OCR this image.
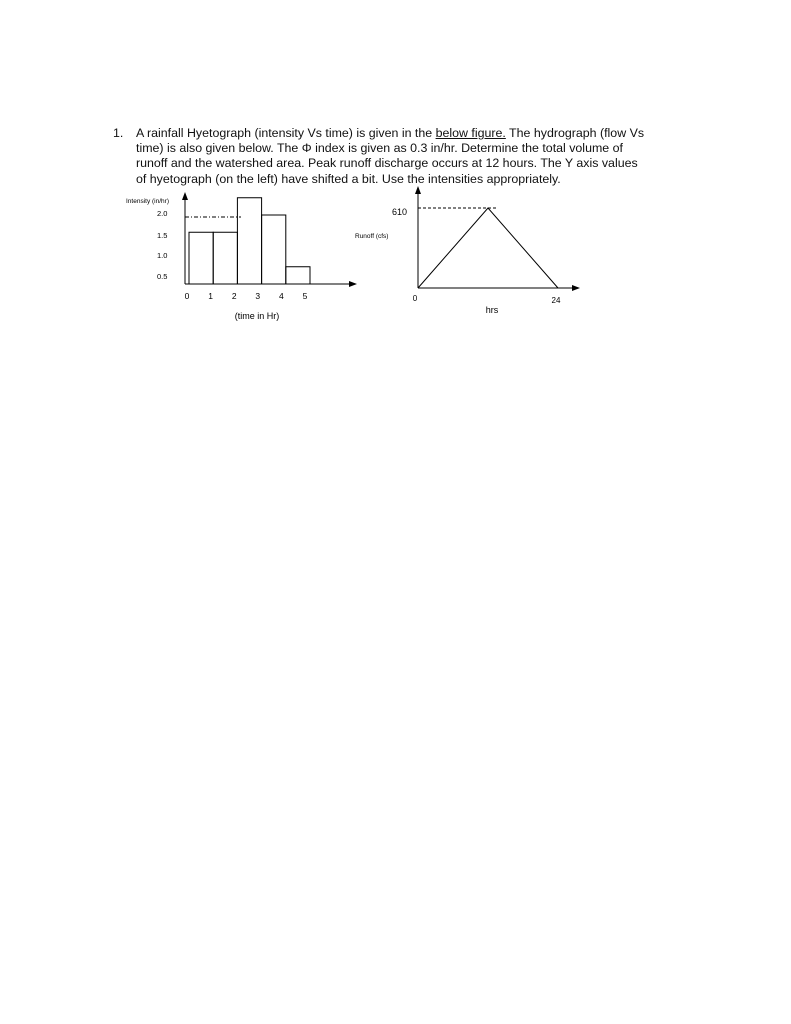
1. A rainfall Hyetograph (intensity Vs time) is given in the below figure. The hydrograph (flow Vs
time) is also given below. The Φ index is given as 0.3 in/hr. Determine the total volume of
runoff and the watershed area. Peak runoff discharge occurs at 12 hours. The Y axis values
of hyetograph (on the left) have shifted a bit. Use the intensities appropriately.
Intensity (in/hr)
2.0
1.5
1.0
0.5
0 1 2 3 4 5
(time in Hr)
Runoff (cfs)
610
0	24
hrs
